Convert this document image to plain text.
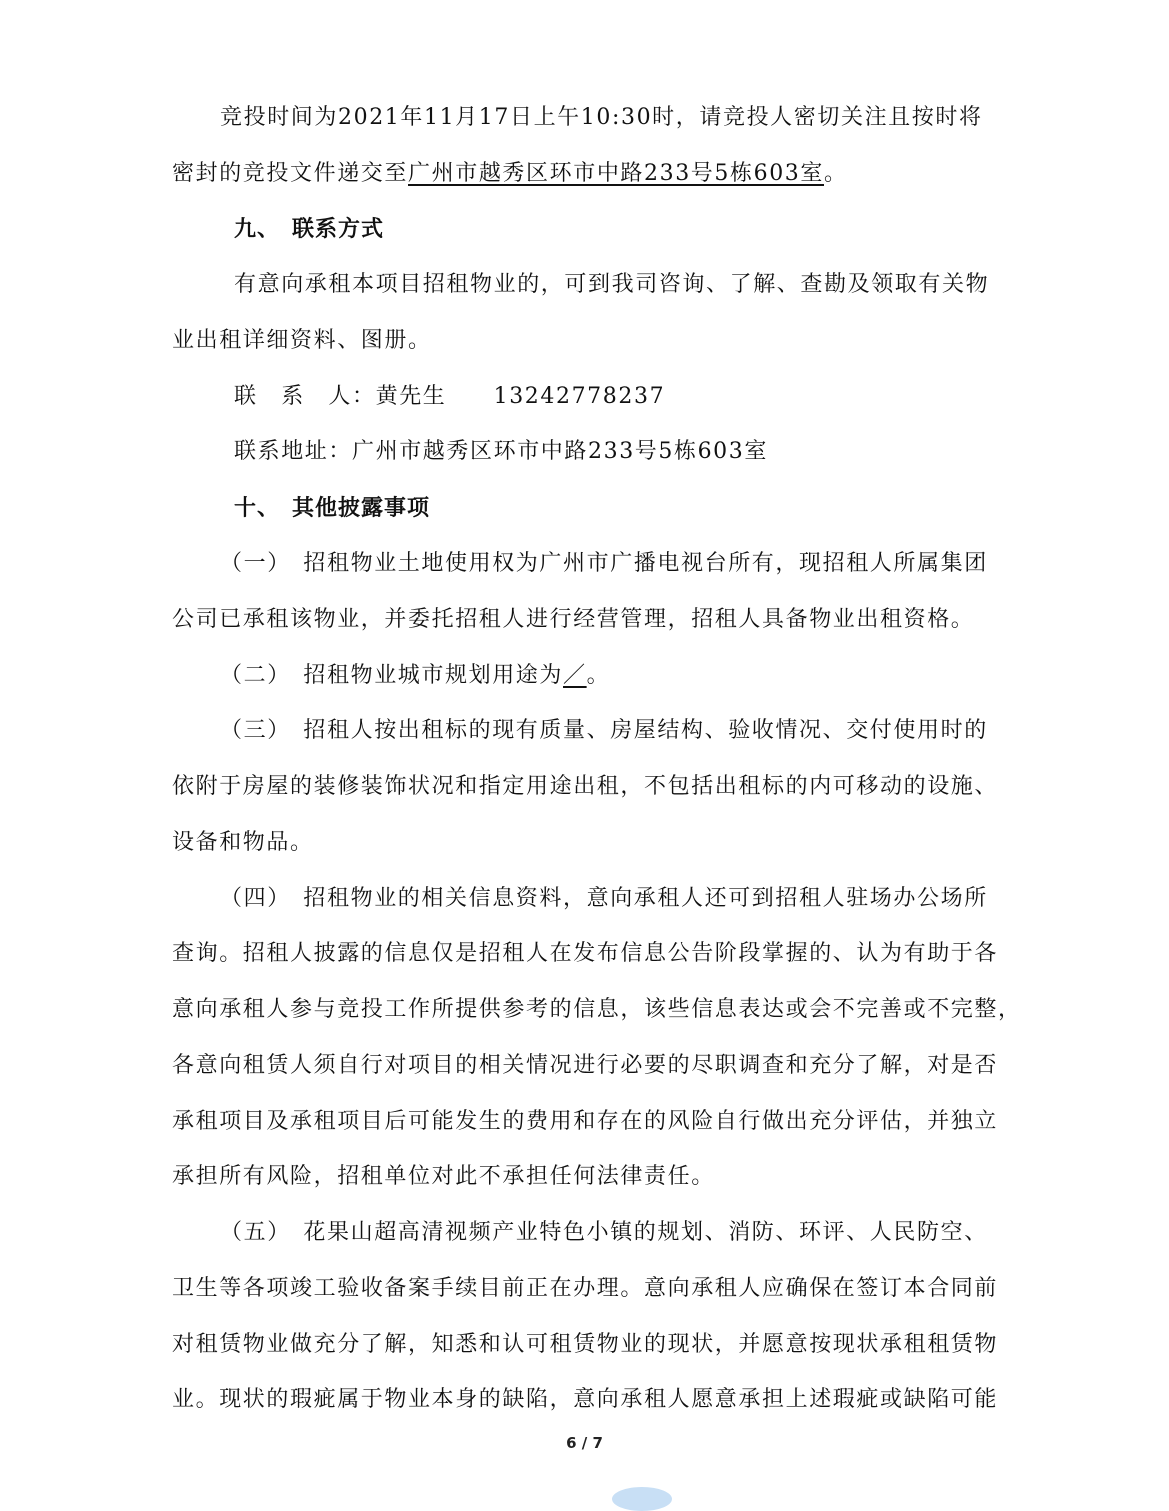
竞投时间为2021年11月17日上午10:30时，请竞投人密切关注且按时将
密封的竞投文件递交至广州市越秀区环市中路233号5栋603室。
九、　联系方式
有意向承租本项目招租物业的，可到我司咨询、了解、查勘及领取有关物
业出租详细资料、图册。
联　系　人：黄先生　　13242778237
联系地址：广州市越秀区环市中路233号5栋603室
十、　其他披露事项
（一）　招租物业土地使用权为广州市广播电视台所有，现招租人所属集团
公司已承租该物业，并委托招租人进行经营管理，招租人具备物业出租资格。
（二）　招租物业城市规划用途为／。
（三）　招租人按出租标的现有质量、房屋结构、验收情况、交付使用时的
依附于房屋的装修装饰状况和指定用途出租，不包括出租标的内可移动的设施、
设备和物品。
（四）　招租物业的相关信息资料，意向承租人还可到招租人驻场办公场所
查询。招租人披露的信息仅是招租人在发布信息公告阶段掌握的、认为有助于各
意向承租人参与竞投工作所提供参考的信息，该些信息表达或会不完善或不完整，
各意向租赁人须自行对项目的相关情况进行必要的尽职调查和充分了解，对是否
承租项目及承租项目后可能发生的费用和存在的风险自行做出充分评估，并独立
承担所有风险，招租单位对此不承担任何法律责任。
（五）　花果山超高清视频产业特色小镇的规划、消防、环评、人民防空、
卫生等各项竣工验收备案手续目前正在办理。意向承租人应确保在签订本合同前
对租赁物业做充分了解，知悉和认可租赁物业的现状，并愿意按现状承租租赁物
业。现状的瑕疵属于物业本身的缺陷，意向承租人愿意承担上述瑕疵或缺陷可能
6 / 7
